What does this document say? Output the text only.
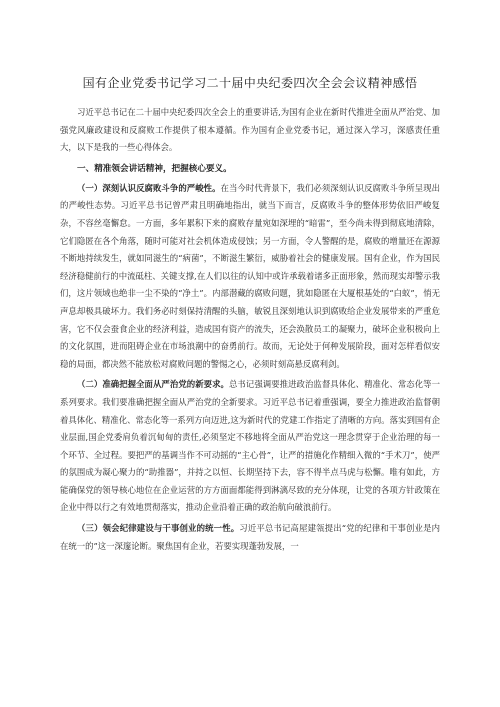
国有企业党委书记学习二十届中央纪委四次全会会议精神感悟

习近平总书记在二十届中央纪委四次全会上的重要讲话,为国有企业在新时代推进全面从严治党、加强党风廉政建设和反腐败工作提供了根本遵循。作为国有企业党委书记，通过深入学习，深感责任重大，以下是我的一些心得体会。

一、精准领会讲话精神，把握核心要义。

（一）深刻认识反腐败斗争的严峻性。在当今时代背景下，我们必须深刻认识反腐败斗争所呈现出的严峻性态势。习近平总书记曾严肃且明确地指出，就当下而言，反腐败斗争的整体形势依旧严峻复杂，不容丝毫懈怠。一方面，多年累积下来的腐败存量宛如深埋的“暗雷”，至今尚未得到彻底地清除，它们隐匿在各个角落，随时可能对社会机体造成侵蚀；另一方面，令人警醒的是，腐败的增量还在源源不断地持续发生，就如同滋生的“病菌”，不断滋生繁衍，威胁着社会的健康发展。国有企业，作为国民经济稳健前行的中流砥柱、关键支撑,在人们以往的认知中或许承载着诸多正面形象，然而现实却警示我们，这片领域也绝非一尘不染的“净土”。内部潜藏的腐败问题，犹如隐匿在大厦根基处的“白蚁”，悄无声息却极具破坏力。我们务必时刻保持清醒的头脑，敏锐且深刻地认识到腐败给企业发展带来的严重危害，它不仅会蚕食企业的经济利益，造成国有资产的流失，还会涣散员工的凝聚力，破坏企业积极向上的文化氛围，进而阻碍企业在市场浪潮中的奋勇前行。故而，无论处于何种发展阶段，面对怎样看似安稳的局面，都决然不能放松对腐败问题的警惕之心，必须时刻高悬反腐利剑。

（二）准确把握全面从严治党的新要求。总书记强调要推进政治监督具体化、精准化、常态化等一系列要求。我们要准确把握全面从严治党的全新要求。习近平总书记着重强调，要全力推进政治监督朝着具体化、精准化、常态化等一系列方向迈进,这为新时代的党建工作指定了清晰的方向。落实到国有企业层面,国企党委肩负着沉甸甸的责任,必须坚定不移地将全面从严治党这一理念贯穿于企业治理的每一个环节、全过程。要把严的基调当作不可动摇的“主心骨”，让严的措施化作精细入微的“手术刀”，使严的氛围成为凝心聚力的“助推器”，并持之以恒、长期坚持下去，容不得半点马虎与松懈。唯有如此，方能确保党的领导核心地位在企业运营的方方面面都能得到淋漓尽致的充分体现，让党的各项方针政策在企业中得以行之有效地贯彻落实，推动企业沿着正确的政治航向破浪前行。

（三）领会纪律建设与干事创业的统一性。习近平总书记高屋建瓴提出“党的纪律和干事创业是内在统一的”这一深邃论断。聚焦国有企业，若要实现蓬勃发展，一
